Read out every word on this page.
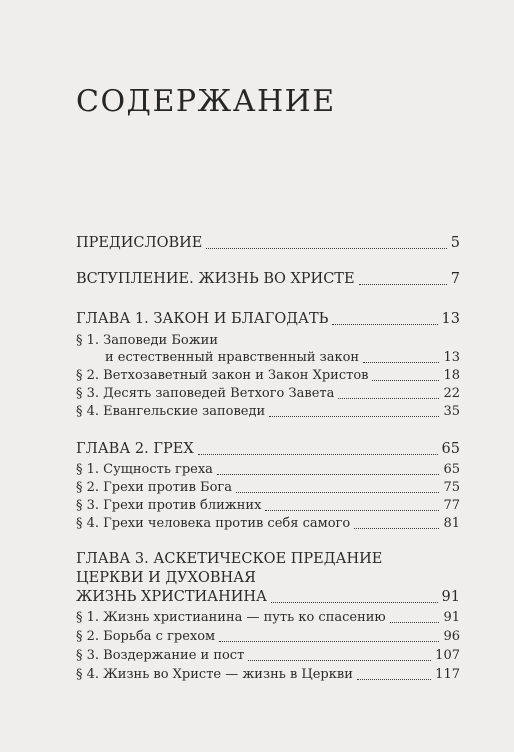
СОДЕРЖАНИЕ
ПРЕДИСЛОВИЕ	5
ВСТУПЛЕНИЕ. ЖИЗНЬ ВО ХРИСТЕ	7
ГЛАВА 1. ЗАКОН И БЛАГОДАТЬ	13
§ 1. Заповеди Божии
и естественный нравственный закон	13
§ 2. Ветхозаветный закон и Закон Христов	18
§ 3. Десять заповедей Ветхого Завета	22
§ 4. Евангельские заповеди	35
ГЛАВА 2. ГРЕХ	65
§ 1. Сущность греха	65
§ 2. Грехи против Бога	75
§ 3. Грехи против ближних	77
§ 4. Грехи человека против себя самого	81
ГЛАВА 3. АСКЕТИЧЕСКОЕ ПРЕДАНИЕ
ЦЕРКВИ И ДУХОВНАЯ
ЖИЗНЬ ХРИСТИАНИНА	91
§ 1. Жизнь христианина — путь ко спасению	91
§ 2. Борьба с грехом	96
§ 3. Воздержание и пост	107
§ 4. Жизнь во Христе — жизнь в Церкви	117
